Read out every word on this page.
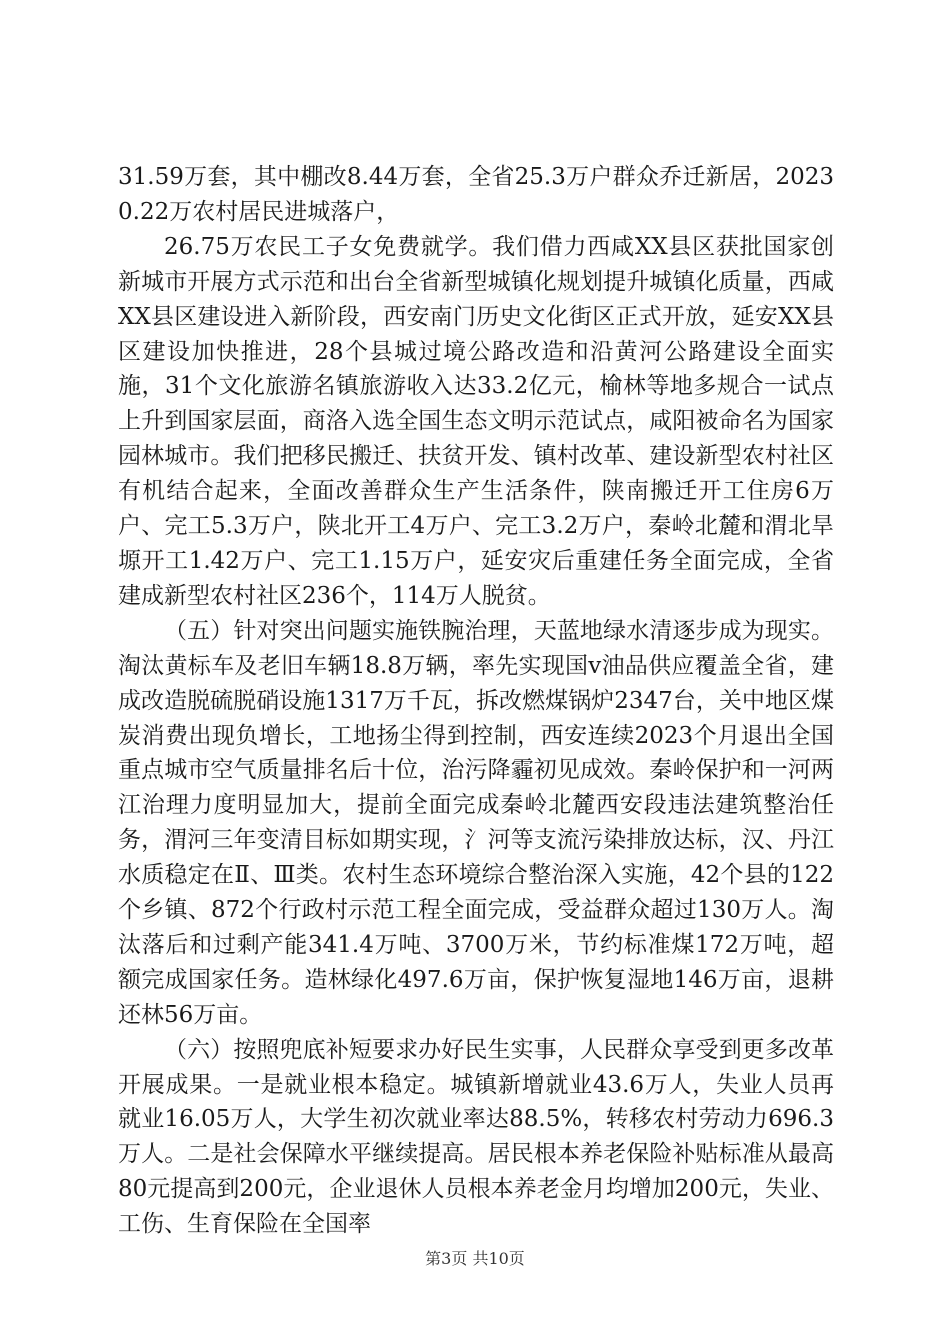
31.59万套，其中棚改8.44万套，全省25.3万户群众乔迁新居，20230.22万农村居民进城落户，

26.75万农民工子女免费就学。我们借力西咸XX县区获批国家创新城市开展方式示范和出台全省新型城镇化规划提升城镇化质量，西咸XX县区建设进入新阶段，西安南门历史文化街区正式开放，延安XX县区建设加快推进，28个县城过境公路改造和沿黄河公路建设全面实施，31个文化旅游名镇旅游收入达33.2亿元，榆林等地多规合一试点上升到国家层面，商洛入选全国生态文明示范试点，咸阳被命名为国家园林城市。我们把移民搬迁、扶贫开发、镇村改革、建设新型农村社区有机结合起来，全面改善群众生产生活条件，陕南搬迁开工住房6万户、完工5.3万户，陕北开工4万户、完工3.2万户，秦岭北麓和渭北旱塬开工1.42万户、完工1.15万户，延安灾后重建任务全面完成，全省建成新型农村社区236个，114万人脱贫。

（五）针对突出问题实施铁腕治理，天蓝地绿水清逐步成为现实。淘汰黄标车及老旧车辆18.8万辆，率先实现国v油品供应覆盖全省，建成改造脱硫脱硝设施1317万千瓦，拆改燃煤锅炉2347台，关中地区煤炭消费出现负增长，工地扬尘得到控制，西安连续2023个月退出全国重点城市空气质量排名后十位，治污降霾初见成效。秦岭保护和一河两江治理力度明显加大，提前全面完成秦岭北麓西安段违法建筑整治任务，渭河三年变清目标如期实现，氵河等支流污染排放达标，汉、丹江水质稳定在Ⅱ、Ⅲ类。农村生态环境综合整治深入实施，42个县的122个乡镇、872个行政村示范工程全面完成，受益群众超过130万人。淘汰落后和过剩产能341.4万吨、3700万米，节约标准煤172万吨，超额完成国家任务。造林绿化497.6万亩，保护恢复湿地146万亩，退耕还林56万亩。

（六）按照兜底补短要求办好民生实事，人民群众享受到更多改革开展成果。一是就业根本稳定。城镇新增就业43.6万人，失业人员再就业16.05万人，大学生初次就业率达88.5%，转移农村劳动力696.3万人。二是社会保障水平继续提高。居民根本养老保险补贴标准从最高80元提高到200元，企业退休人员根本养老金月均增加200元，失业、工伤、生育保险在全国率

第3页 共10页
